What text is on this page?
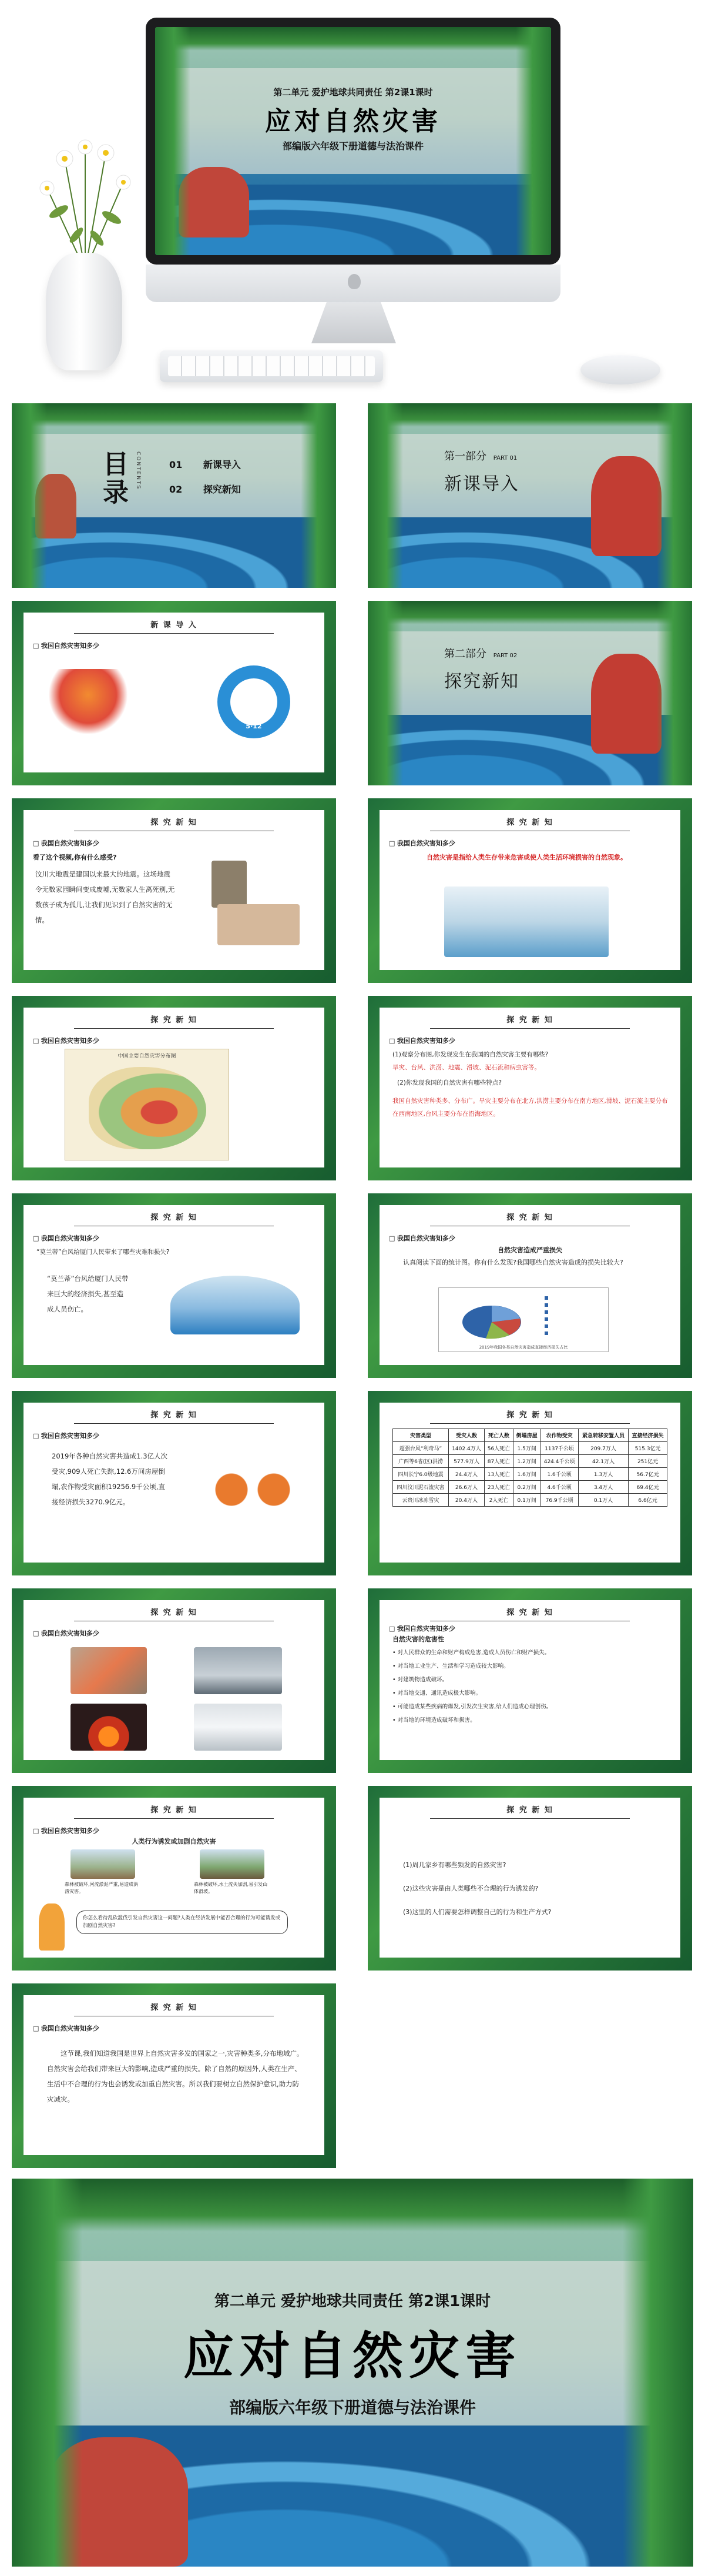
第二单元 爱护地球共同责任 第2课1课时
应对自然灾害
部编版六年级下册道德与法治课件
目录	CONTENTS	01 新课导入
02 探究新知
第一部分 PART 01
新课导入
新 课 导 入
□ 我国自然灾害知多少
5·12
第二部分 PART 02
探究新知
探 究 新 知
□ 我国自然灾害知多少
看了这个视频,你有什么感受?
汶川大地震是建国以来最大的地震。这场地震令无数家园瞬间变成废墟,无数家人生离死别,无数孩子成为孤儿,让我们见识到了自然灾害的无情。
探 究 新 知
□ 我国自然灾害知多少
自然灾害是指给人类生存带来危害或使人类生活环境损害的自然现象。
探 究 新 知
□ 我国自然灾害知多少
中国主要自然灾害分布图
探 究 新 知
□ 我国自然灾害知多少
(1)观察分布图,你发现发生在我国的自然灾害主要有哪些?
旱灾、台风、洪涝、地震、滑坡、泥石流和病虫害等。
(2)你发现我国的自然灾害有哪些特点?
我国自然灾害种类多、分布广。旱灾主要分布在北方,洪涝主要分布在南方地区,滑坡、泥石流主要分布在西南地区,台风主要分布在沿海地区。
探 究 新 知
□ 我国自然灾害知多少
“莫兰蒂”台风给厦门人民带来了哪些灾难和损失?
“莫兰蒂”台风给厦门人民带来巨大的经济损失,甚至造成人员伤亡。
探 究 新 知
□ 我国自然灾害知多少
自然灾害造成严重损失
认真阅读下面的统计图。你有什么发现?我国哪些自然灾害造成的损失比较大?
2019年我国各类自然灾害造成直接经济损失占比
探 究 新 知
□ 我国自然灾害知多少
2019年各种自然灾害共造成1.3亿人次受灾,909人死亡失踪,12.6万间房屋倒塌,农作物受灾面积19256.9千公顷,直接经济损失3270.9亿元。
探 究 新 知
灾害类型	受灾人数	死亡人数	倒塌房屋	农作物受灾	紧急转移安置人员	直接经济损失
超强台风“利奇马”	1402.4万人	56人死亡	1.5万间	1137千公顷	209.7万人	515.3亿元
广西等6省(区)洪涝	577.9万人	87人死亡	1.2万间	424.4千公顷	42.1万人	251亿元
四川长宁6.0级地震	24.4万人	13人死亡	1.6万间	1.6千公顷	1.3万人	56.7亿元
四川汶川泥石流灾害	26.6万人	23人死亡	0.2万间	4.6千公顷	3.4万人	69.4亿元
云贵川冰冻雪灾	20.4万人	2人死亡	0.1万间	76.9千公顷	0.1万人	6.6亿元
探 究 新 知
□ 我国自然灾害知多少
探 究 新 知
□ 我国自然灾害知多少
自然灾害的危害性
• 对人民群众的生命和财产构成危害,造成人员伤亡和财产损失。
• 对当地工业生产、生活和学习造成较大影响。
• 对建筑物造成破坏。
• 对当地交通、通讯造成极大影响。
• 可能造成某些疾病的爆发,引发次生灾害,给人们造成心理创伤。
• 对当地的环境造成破坏和损害。
探 究 新 知
□ 我国自然灾害知多少
人类行为诱发或加剧自然灾害
森林被破坏,河流淤泥严重,易造成洪涝灾害。
森林被破坏,水土流失加剧,易引发山体滑坡。
你怎么看待乱砍滥伐引发自然灾害这一问题?人类在经济发展中能否合理的行为可能诱发或加剧自然灾害?
探 究 新 知
(1)周几家乡有哪些频发的自然灾害?
(2)这些灾害是由人类哪些不合理的行为诱发的?
(3)这里的人们需要怎样调整自己的行为和生产方式?
探 究 新 知
□ 我国自然灾害知多少
这节课,我们知道我国是世界上自然灾害多发的国家之一,灾害种类多,分布地域广。自然灾害会给我们带来巨大的影响,造成严重的损失。除了自然的原因外,人类在生产、生活中不合理的行为也会诱发或加重自然灾害。所以我们要树立自然保护意识,助力防灾减灾。
第二单元 爱护地球共同责任 第2课1课时
应对自然灾害
部编版六年级下册道德与法治课件
